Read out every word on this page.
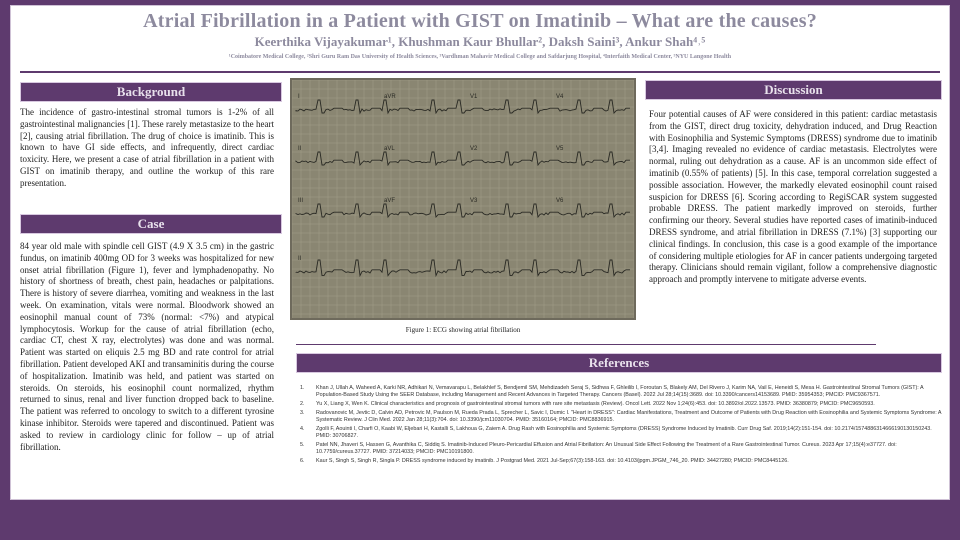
Atrial Fibrillation in a Patient with GIST on Imatinib – What are the causes?
Keerthika Vijayakumar¹, Khushman Kaur Bhullar², Daksh Saini³, Ankur Shah⁴˒⁵
¹Coimbatore Medical College, ²Shri Guru Ram Das University of Health Sciences, ³Vardhman Mahavir Medical College and Safdarjung Hospital, ⁴Interfaith Medical Center, ⁵NYU Langone Health
Background
The incidence of gastro-intestinal stromal tumors is 1-2% of all gastrointestinal malignancies [1]. These rarely metastasize to the heart [2], causing atrial fibrillation. The drug of choice is imatinib. This is known to have GI side effects, and infrequently, direct cardiac toxicity. Here, we present a case of atrial fibrillation in a patient with GIST on imatinib therapy, and outline the workup of this rare presentation.
Case
84 year old male with spindle cell GIST (4.9 X 3.5 cm) in the gastric fundus, on imatinib 400mg OD for 3 weeks was hospitalized for new onset atrial fibrillation (Figure 1), fever and lymphadenopathy. No history of shortness of breath, chest pain, headaches or palpitations. There is history of severe diarrhea, vomiting and weakness in the last week. On examination, vitals were normal. Bloodwork showed an eosinophil manual count of 73% (normal: <7%) and atypical lymphocytosis. Workup for the cause of atrial fibrillation (echo, cardiac CT, chest X ray, electrolytes) was done and was normal. Patient was started on eliquis 2.5 mg BD and rate control for atrial fibrillation. Patient developed AKI and transaminitis during the course of hospitalization. Imatinib was held, and patient was started on steroids. On steroids, his eosinophil count normalized, rhythm returned to sinus, renal and liver function dropped back to baseline. The patient was referred to oncology to switch to a different tyrosine kinase inhibitor. Steroids were tapered and discontinued. Patient was asked to review in cardiology clinic for follow – up of atrial fibrillation.
I	aVR	V1	V4
II	aVL	V2	V5
III	aVF	V3	V6
II
Figure 1: ECG showing atrial fibrillation
Discussion
Four potential causes of AF were considered in this patient: cardiac metastasis from the GIST, direct drug toxicity, dehydration induced, and Drug Reaction with Eosinophilia and Systemic Symptoms (DRESS) syndrome due to imatinib [3,4]. Imaging revealed no evidence of cardiac metastasis. Electrolytes were normal, ruling out dehydration as a cause. AF is an uncommon side effect of imatinib (0.55% of patients) [5]. In this case, temporal correlation suggested a possible association. However, the markedly elevated eosinophil count raised suspicion for DRESS [6]. Scoring according to RegiSCAR system suggested probable DRESS. The patient markedly improved on steroids, further confirming our theory. Several studies have reported cases of imatinib-induced DRESS syndrome, and atrial fibrillation in DRESS (7.1%) [3] supporting our clinical findings. In conclusion, this case is a good example of the importance of considering multiple etiologies for AF in cancer patients undergoing targeted therapy. Clinicians should remain vigilant, follow a comprehensive diagnostic approach and promptly intervene to mitigate adverse events.
References
1. Khan J, Ullah A, Waheed A, Karki NR, Adhikari N, Vemavarapu L, Belakhlef S, Bendjemil SM, Mehdizadeh Seraj S, Sidhwa F, Ghleilib I, Foroutan S, Blakely AM, Del Rivero J, Karim NA, Vail E, Heneidi S, Mesa H. Gastrointestinal Stromal Tumors (GIST): A Population-Based Study Using the SEER Database, including Management and Recent Advances in Targeted Therapy. Cancers (Basel). 2022 Jul 28;14(15):3689. doi: 10.3390/cancers14153689. PMID: 35954353; PMCID: PMC9367571.
2. Yu X, Liang X, Wen K. Clinical characteristics and prognosis of gastrointestinal stromal tumors with rare site metastasis (Review). Oncol Lett. 2022 Nov 1;24(6):453. doi: 10.3892/ol.2022.13573. PMID: 36380879; PMCID: PMC9650593.
3. Radovanovic M, Jevtic D, Calvin AD, Petrovic M, Paulson M, Rueda Prada L, Sprecher L, Savic I, Dumic I. "Heart in DRESS": Cardiac Manifestations, Treatment and Outcome of Patients with Drug Reaction with Eosinophilia and Systemic Symptoms Syndrome: A Systematic Review. J Clin Med. 2022 Jan 28;11(3):704. doi: 10.3390/jcm11030704. PMID: 35160164; PMCID: PMC8836915.
4. Zgolli F, Aouinti I, Charfi O, Kaabi W, Eljebari H, Kastalli S, Lakhoua G, Zaiem A. Drug Rash with Eosinophilia and Systemic Symptoms (DRESS) Syndrome Induced by Imatinib. Curr Drug Saf. 2019;14(2):151-154. doi: 10.2174/1574886314666190130150243. PMID: 30706827.
5. Patel NN, Jhaveri S, Hassen G, Avanthika C, Siddiq S. Imatinib-Induced Pleuro-Pericardial Effusion and Atrial Fibrillation: An Unusual Side Effect Following the Treatment of a Rare Gastrointestinal Tumor. Cureus. 2023 Apr 17;15(4):e37727. doi: 10.7759/cureus.37727. PMID: 37214033; PMCID: PMC10191800.
6. Kaur S, Singh S, Singh R, Singla P. DRESS syndrome induced by imatinib. J Postgrad Med. 2021 Jul-Sep;67(3):158-163. doi: 10.4103/jpgm.JPGM_746_20. PMID: 34427280; PMCID: PMC8445126.
